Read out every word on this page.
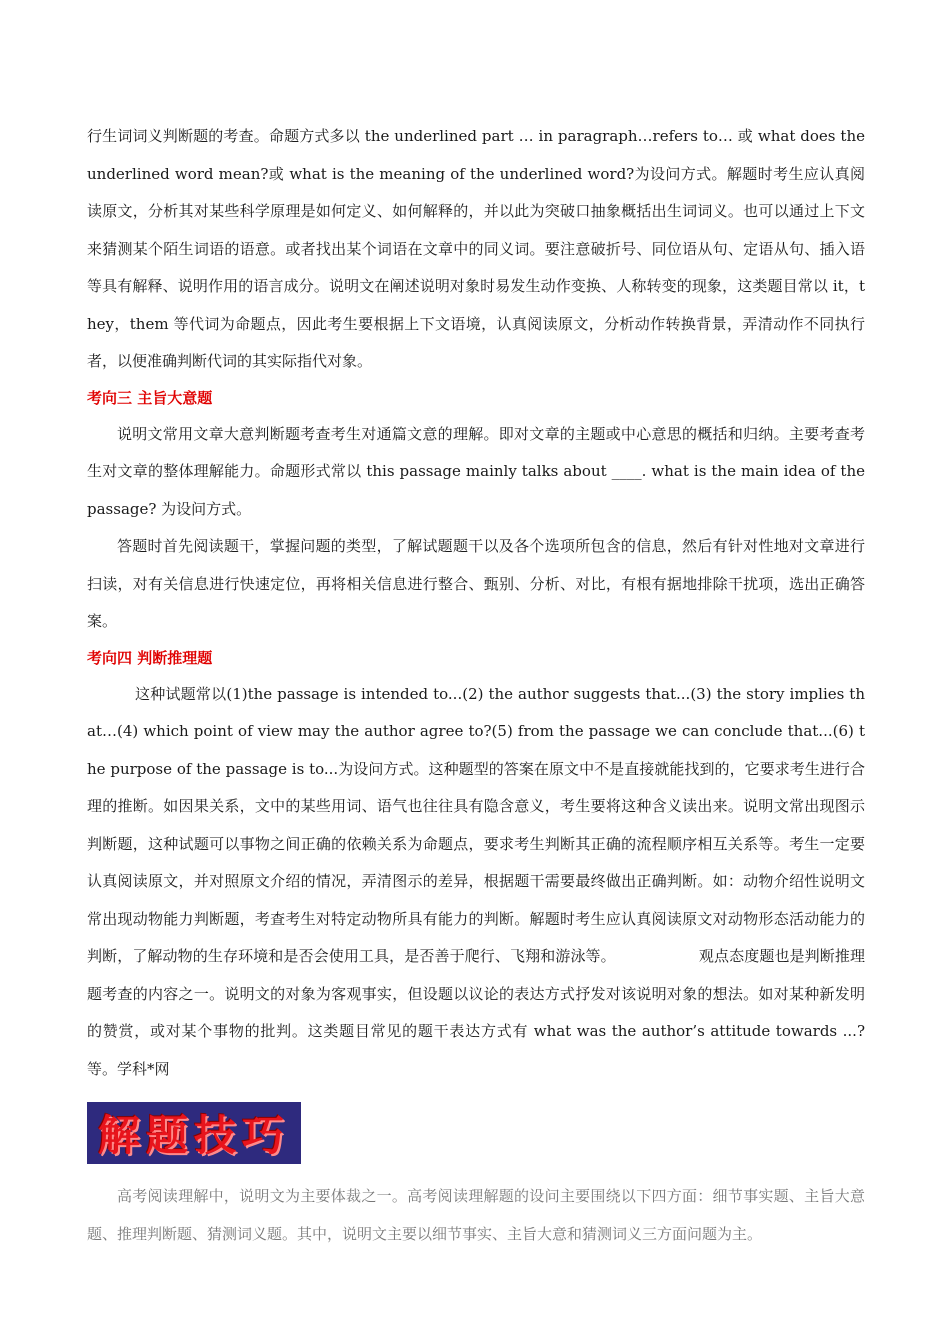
行生词词义判断题的考查。命题方式多以 the underlined part … in paragraph…refers to… 或 what does the underlined word mean?或 what is the meaning of the underlined word?为设问方式。解题时考生应认真阅读原文，分析其对某些科学原理是如何定义、如何解释的，并以此为突破口抽象概括出生词词义。也可以通过上下文来猜测某个陌生词语的语意。或者找出某个词语在文章中的同义词。要注意破折号、同位语从句、定语从句、插入语等具有解释、说明作用的语言成分。说明文在阐述说明对象时易发生动作变换、人称转变的现象，这类题目常以 it，they，them 等代词为命题点，因此考生要根据上下文语境，认真阅读原文，分析动作转换背景，弄清动作不同执行者，以便准确判断代词的其实际指代对象。

考向三 主旨大意题

说明文常用文章大意判断题考查考生对通篇文意的理解。即对文章的主题或中心意思的概括和归纳。主要考查考生对文章的整体理解能力。命题形式常以 this passage mainly talks about ____. what is the main idea of the passage? 为设问方式。

答题时首先阅读题干，掌握问题的类型，了解试题题干以及各个选项所包含的信息，然后有针对性地对文章进行扫读，对有关信息进行快速定位，再将相关信息进行整合、甄别、分析、对比，有根有据地排除干扰项，选出正确答案。

考向四 判断推理题

这种试题常以(1)the passage is intended to...(2) the author suggests that...(3) the story implies that…(4) which point of view may the author agree to?(5) from the passage we can conclude that...(6) the purpose of the passage is to...为设问方式。这种题型的答案在原文中不是直接就能找到的，它要求考生进行合理的推断。如因果关系，文中的某些用词、语气也往往具有隐含意义，考生要将这种含义读出来。说明文常出现图示判断题，这种试题可以事物之间正确的依赖关系为命题点，要求考生判断其正确的流程顺序相互关系等。考生一定要认真阅读原文，并对照原文介绍的情况，弄清图示的差异，根据题干需要最终做出正确判断。如：动物介绍性说明文常出现动物能力判断题，考查考生对特定动物所具有能力的判断。解题时考生应认真阅读原文对动物形态活动能力的判断，了解动物的生存环境和是否会使用工具，是否善于爬行、飞翔和游泳等。　　　　　　观点态度题也是判断推理题考查的内容之一。说明文的对象为客观事实，但设题以议论的表达方式抒发对该说明对象的想法。如对某种新发明的赞赏，或对某个事物的批判。这类题目常见的题干表达方式有 what was the author’s attitude towards ...? 等。学科*网

解题技巧

高考阅读理解中，说明文为主要体裁之一。高考阅读理解题的设问主要围绕以下四方面：细节事实题、主旨大意题、推理判断题、猜测词义题。其中，说明文主要以细节事实、主旨大意和猜测词义三方面问题为主。
